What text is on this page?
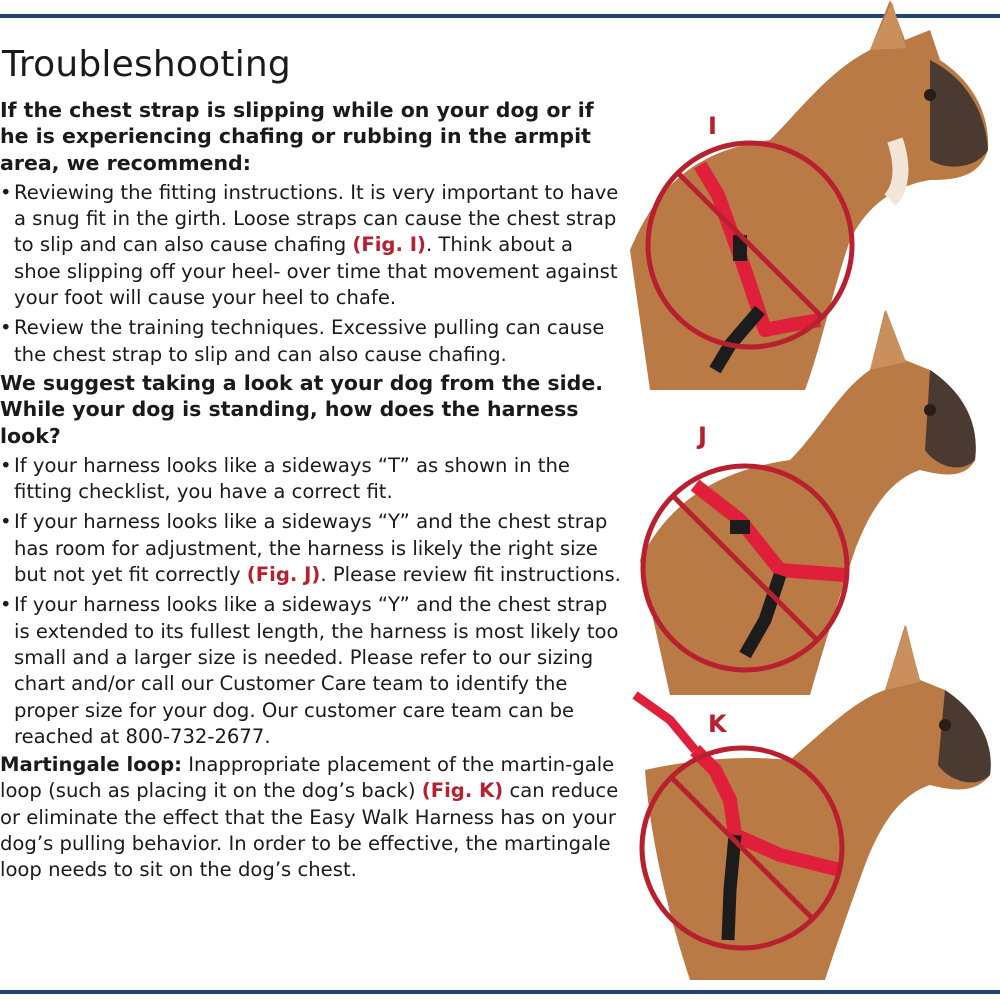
Troubleshooting

If the chest strap is slipping while on your dog or if he is experiencing chafing or rubbing in the armpit area, we recommend:

• Reviewing the fitting instructions. It is very important to have a snug fit in the girth. Loose straps can cause the chest strap to slip and can also cause chafing (Fig. I). Think about a shoe slipping off your heel- over time that movement against your foot will cause your heel to chafe.
• Review the training techniques. Excessive pulling can cause the chest strap to slip and can also cause chafing.

We suggest taking a look at your dog from the side. While your dog is standing, how does the harness look?

• If your harness looks like a sideways “T” as shown in the fitting checklist, you have a correct fit.
• If your harness looks like a sideways “Y” and the chest strap has room for adjustment, the harness is likely the right size but not yet fit correctly (Fig. J). Please review fit instructions.
• If your harness looks like a sideways “Y” and the chest strap is extended to its fullest length, the harness is most likely too small and a larger size is needed. Please refer to our sizing chart and/or call our Customer Care team to identify the proper size for your dog. Our customer care team can be reached at 800-732-2677.

Martingale loop: Inappropriate placement of the martin-gale loop (such as placing it on the dog’s back) (Fig. K) can reduce or eliminate the effect that the Easy Walk Harness has on your dog’s pulling behavior. In order to be effective, the martingale loop needs to sit on the dog’s chest.

I
J
K
